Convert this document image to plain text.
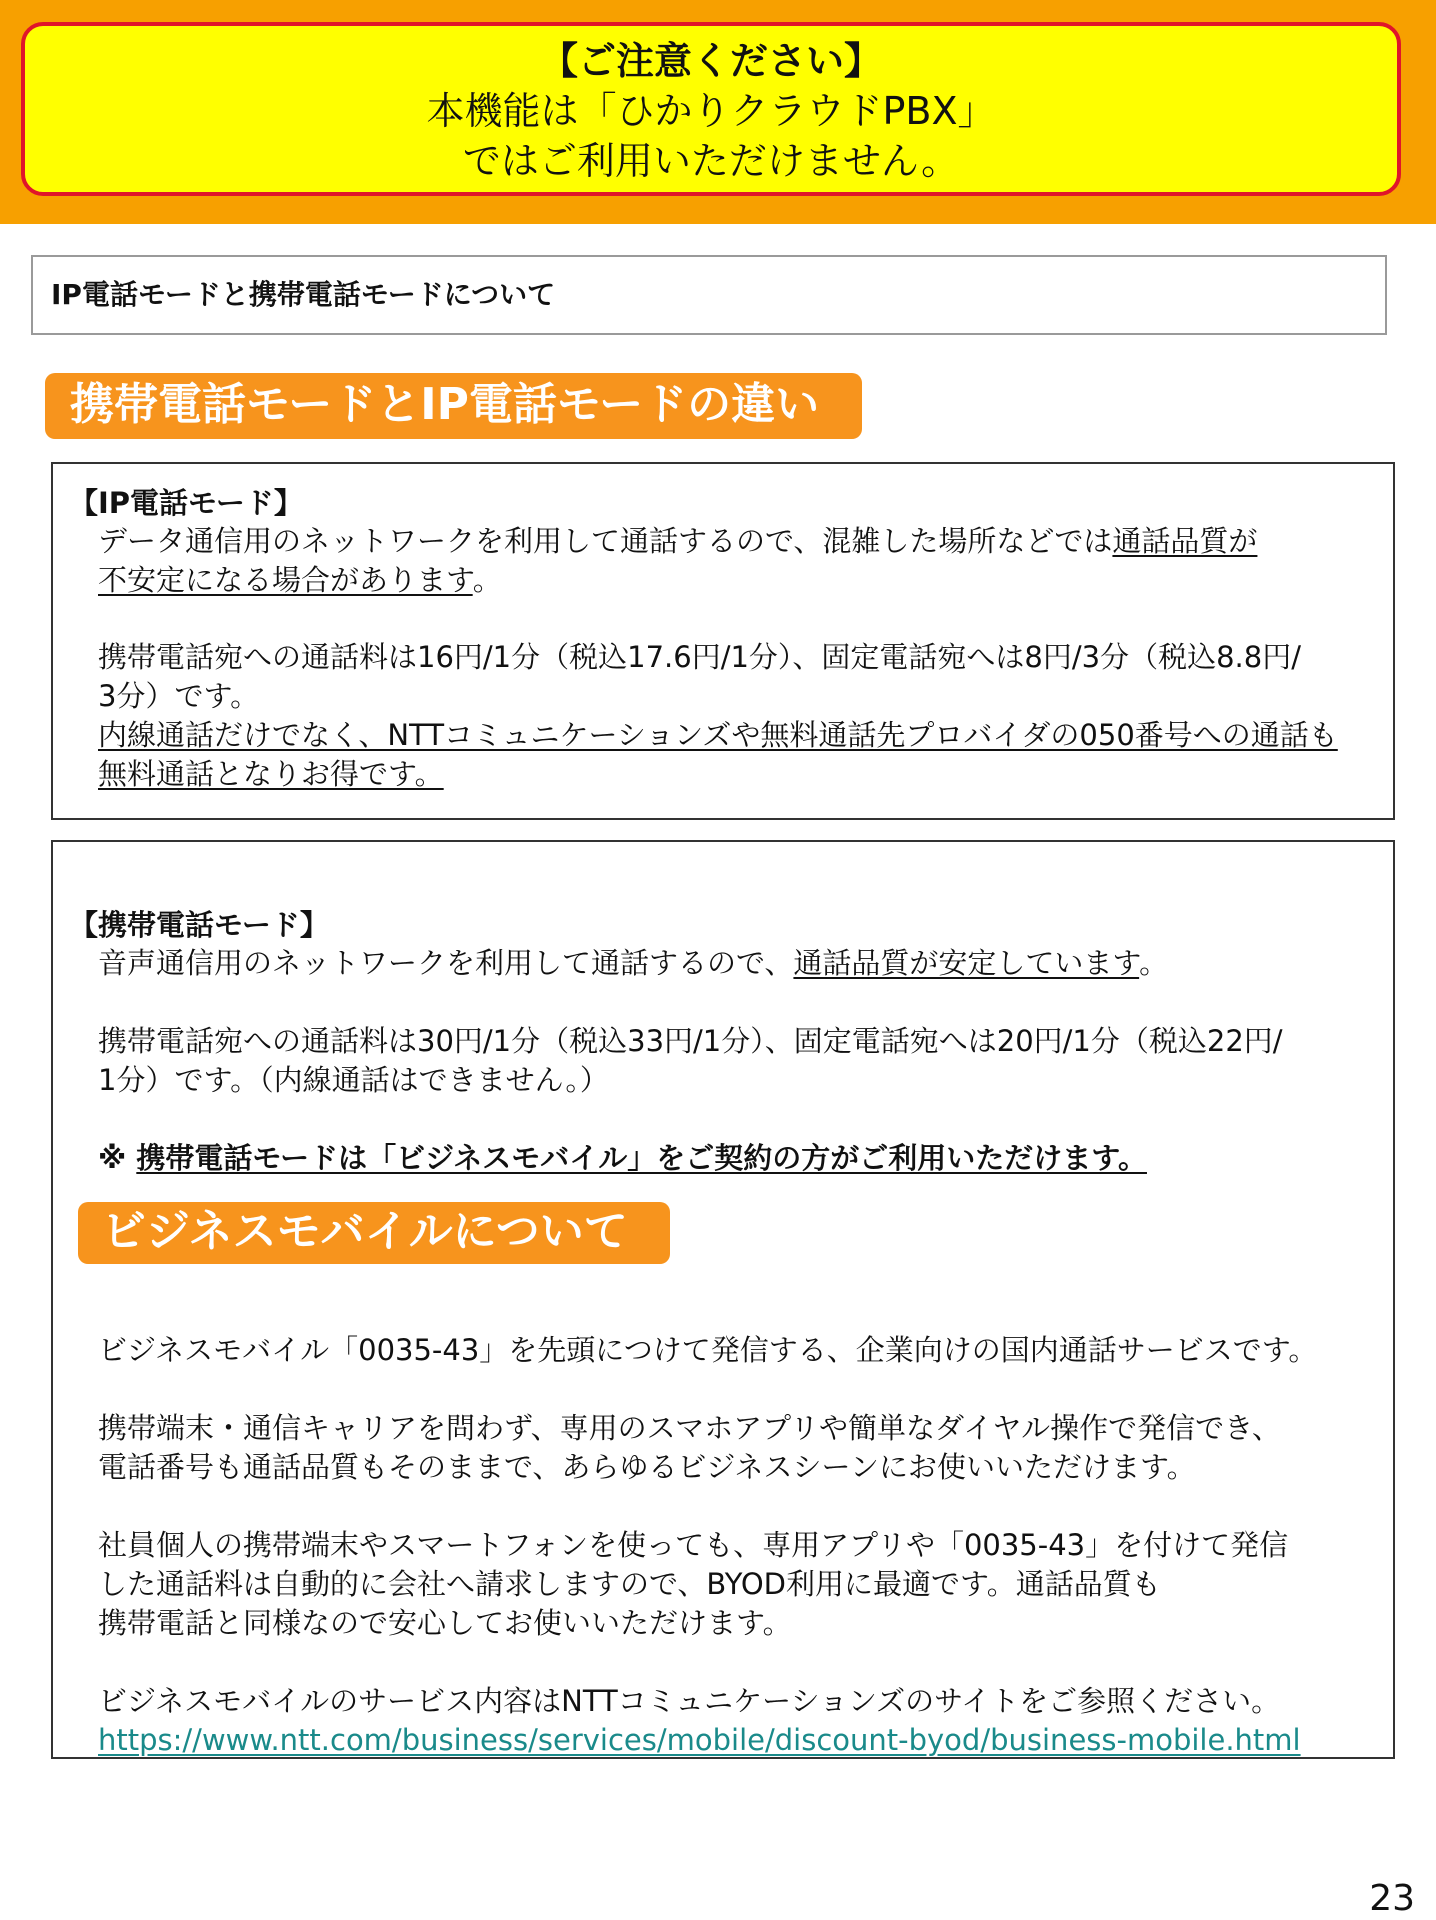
【ご注意ください】
本機能は「ひかりクラウドPBX」
ではご利用いただけません。
IP電話モードと携帯電話モードについて
携帯電話モードとIP電話モードの違い
【IP電話モード】
データ通信用のネットワークを利用して通話するので、混雑した場所などでは通話品質が
不安定になる場合があります。
携帯電話宛への通話料は16円/1分（税込17.6円/1分）、固定電話宛へは8円/3分（税込8.8円/
3分）です。
内線通話だけでなく、NTTコミュニケーションズや無料通話先プロバイダの050番号への通話も
無料通話となりお得です。
【携帯電話モード】
音声通信用のネットワークを利用して通話するので、通話品質が安定しています。
携帯電話宛への通話料は30円/1分（税込33円/1分）、固定電話宛へは20円/1分（税込22円/
1分）です。（内線通話はできません。）
※ 携帯電話モードは「ビジネスモバイル」をご契約の方がご利用いただけます。
ビジネスモバイル「0035-43」を先頭につけて発信する、企業向けの国内通話サービスです。
携帯端末・通信キャリアを問わず、専用のスマホアプリや簡単なダイヤル操作で発信でき、
電話番号も通話品質もそのままで、あらゆるビジネスシーンにお使いいただけます。
社員個人の携帯端末やスマートフォンを使っても、専用アプリや「0035-43」を付けて発信
した通話料は自動的に会社へ請求しますので、BYOD利用に最適です。通話品質も
携帯電話と同様なので安心してお使いいただけます。
ビジネスモバイルのサービス内容はNTTコミュニケーションズのサイトをご参照ください。
https://www.ntt.com/business/services/mobile/discount-byod/business-mobile.html
ビジネスモバイルについて
23
